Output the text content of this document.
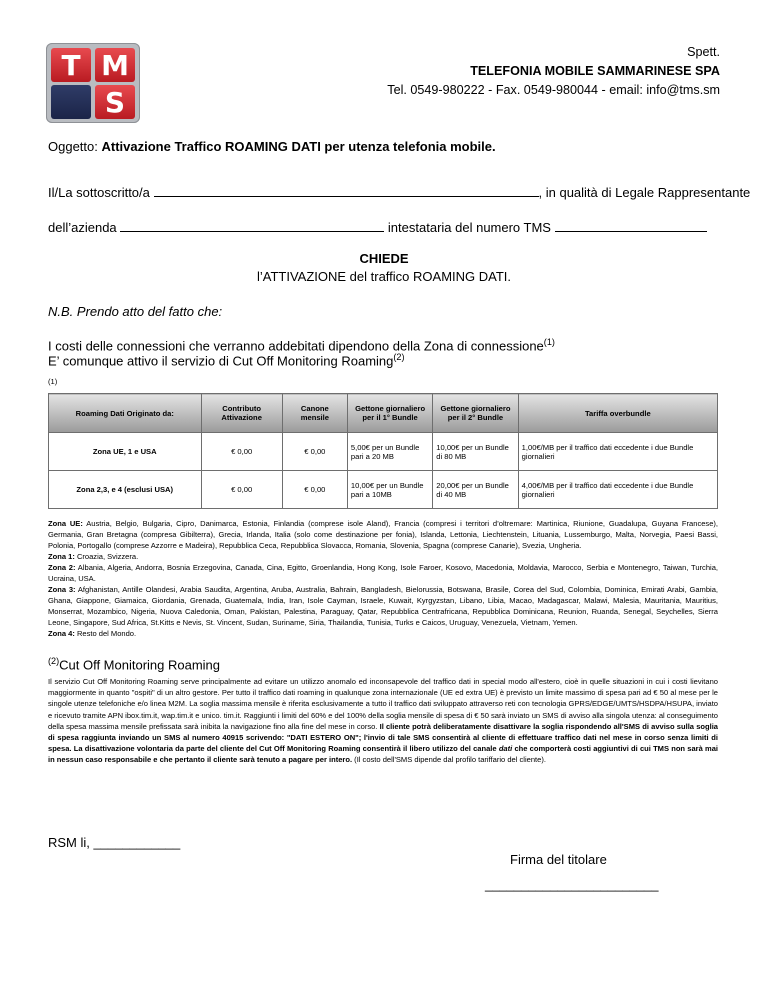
T M
S
Spett.
TELEFONIA MOBILE SAMMARINESE SPA
Tel. 0549-980222 - Fax. 0549-980044 - email: info@tms.sm
Oggetto: Attivazione Traffico ROAMING DATI per utenza telefonia mobile.
Il/La sottoscritto/a	, in qualità di Legale Rappresentante
dell’azienda	intestataria del numero TMS
CHIEDE
l’ATTIVAZIONE del traffico ROAMING DATI.
N.B. Prendo atto del fatto che:
I costi delle connessioni che verranno addebitati dipendono della Zona di connessione$^{(1)}$
E’ comunque attivo il servizio di Cut Off Monitoring Roaming$^{(2)}$
(1)
Roaming Dati Originato da:	Contributo Attivazione	Canone mensile	Gettone giornaliero per il 1° Bundle	Gettone giornaliero per il 2° Bundle	Tariffa overbundle
Zona UE, 1 e USA	€ 0,00	€ 0,00	5,00€ per un Bundle pari a 20 MB	10,00€ per un Bundle di 80 MB	1,00€/MB per il traffico dati eccedente i due Bundle giornalieri
Zona 2,3, e 4 (esclusi USA)	€ 0,00	€ 0,00	10,00€ per un Bundle pari a 10MB	20,00€ per un Bundle di 40 MB	4,00€/MB per il traffico dati eccedente i due Bundle giornalieri
Zona UE: Austria, Belgio, Bulgaria, Cipro, Danimarca, Estonia, Finlandia (comprese isole Aland), Francia (compresi i territori d’oltremare: Martinica, Riunione, Guadalupa, Guyana Francese), Germania, Gran Bretagna (compresa Gibilterra), Grecia, Irlanda, Italia (solo come destinazione per fonia), Islanda, Lettonia, Liechtenstein, Lituania, Lussemburgo, Malta, Norvegia, Paesi Bassi, Polonia, Portogallo (comprese Azzorre e Madeira), Repubblica Ceca, Repubblica Slovacca, Romania, Slovenia, Spagna (comprese Canarie), Svezia, Ungheria.
Zona 1: Croazia, Svizzera.
Zona 2: Albania, Algeria, Andorra, Bosnia Erzegovina, Canada, Cina, Egitto, Groenlandia, Hong Kong, Isole Faroer, Kosovo, Macedonia, Moldavia, Marocco, Serbia e Montenegro, Taiwan, Turchia, Ucraina, USA.
Zona 3: Afghanistan, Antille Olandesi, Arabia Saudita, Argentina, Aruba, Australia, Bahrain, Bangladesh, Bielorussia, Botswana, Brasile, Corea del Sud, Colombia, Dominica, Emirati Arabi, Gambia, Ghana, Giappone, Giamaica, Giordania, Grenada, Guatemala, India, Iran, Isole Cayman, Israele, Kuwait, Kyrgyzstan, Libano, Libia, Macao, Madagascar, Malawi, Malesia, Mauritania, Mauritius, Monserrat, Mozambico, Nigeria, Nuova Caledonia, Oman, Pakistan, Palestina, Paraguay, Qatar, Repubblica Centrafricana, Repubblica Dominicana, Reunion, Ruanda, Senegal, Seychelles, Sierra Leone, Singapore, Sud Africa, St.Kitts e Nevis, St. Vincent, Sudan, Suriname, Siria, Thailandia, Tunisia, Turks e Caicos, Uruguay, Venezuela, Vietnam, Yemen.
Zona 4: Resto del Mondo.
$^{(2)}$Cut Off Monitoring Roaming
Il servizio Cut Off Monitoring Roaming serve principalmente ad evitare un utilizzo anomalo ed inconsapevole del traffico dati in special modo all'estero, cioè in quelle situazioni in cui i costi lievitano maggiormente in quanto "ospiti" di un altro gestore. Per tutto il traffico dati roaming in qualunque zona internazionale (UE ed extra UE) è previsto un limite massimo di spesa pari ad € 50 al mese per le singole utenze telefoniche e/o linea M2M. La soglia massima mensile è riferita esclusivamente a tutto il traffico dati sviluppato attraverso reti con tecnologia GPRS/EDGE/UMTS/HSDPA/HSUPA, inviato e ricevuto tramite APN ibox.tim.it, wap.tim.it e unico. tim.it. Raggiunti i limiti del 60% e del 100% della soglia mensile di spesa di € 50 sarà inviato un SMS di avviso alla singola utenza: al conseguimento della spesa massima mensile prefissata sarà inibita la navigazione fino alla fine del mese in corso. Il cliente potrà deliberatamente disattivare la soglia rispondendo all'SMS di avviso sulla soglia di spesa raggiunta inviando un SMS al numero 40915 scrivendo: "DATI ESTERO ON"; l'invio di tale SMS consentirà al cliente di effettuare traffico dati nel mese in corso senza limiti di spesa. La disattivazione volontaria da parte del cliente del Cut Off Monitoring Roaming consentirà il libero utilizzo del canale dati che comporterà costi aggiuntivi di cui TMS non sarà mai in nessun caso responsabile e che pertanto il cliente sarà tenuto a pagare per intero. (Il costo dell'SMS dipende dal profilo tariffario del cliente).
RSM li, ____________
Firma del titolare
________________________
